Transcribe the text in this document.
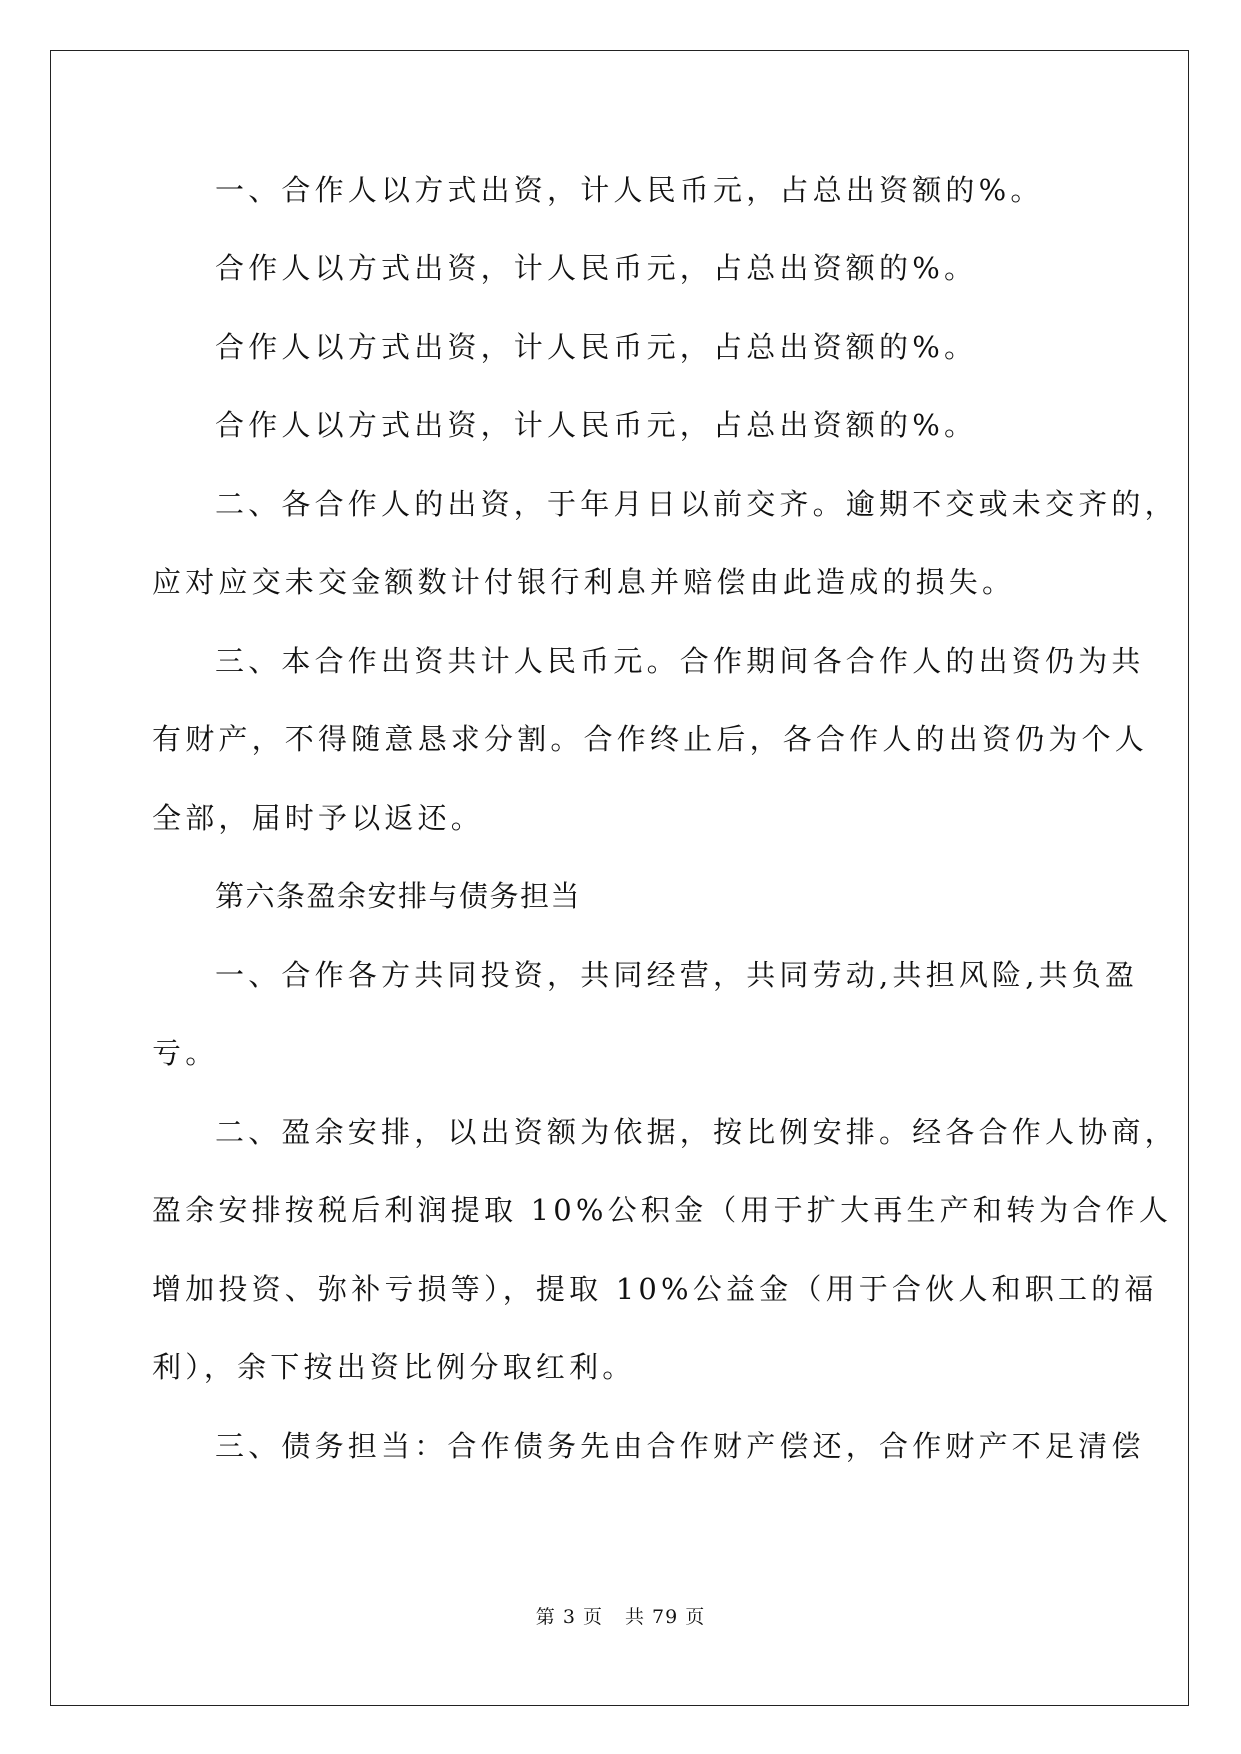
一、合作人以方式出资，计人民币元，占总出资额的%。
合作人以方式出资，计人民币元，占总出资额的%。
合作人以方式出资，计人民币元，占总出资额的%。
合作人以方式出资，计人民币元，占总出资额的%。
二、各合作人的出资，于年月日以前交齐。逾期不交或未交齐的，
应对应交未交金额数计付银行利息并赔偿由此造成的损失。
三、本合作出资共计人民币元。合作期间各合作人的出资仍为共
有财产，不得随意恳求分割。合作终止后，各合作人的出资仍为个人
全部，届时予以返还。
第六条盈余安排与债务担当
一、合作各方共同投资，共同经营，共同劳动,共担风险,共负盈
亏。
二、盈余安排，以出资额为依据，按比例安排。经各合作人协商，
盈余安排按税后利润提取 10%公积金（用于扩大再生产和转为合作人
增加投资、弥补亏损等），提取 10%公益金（用于合伙人和职工的福
利），余下按出资比例分取红利。
三、债务担当：合作债务先由合作财产偿还，合作财产不足清偿
第 3 页 共 79 页
